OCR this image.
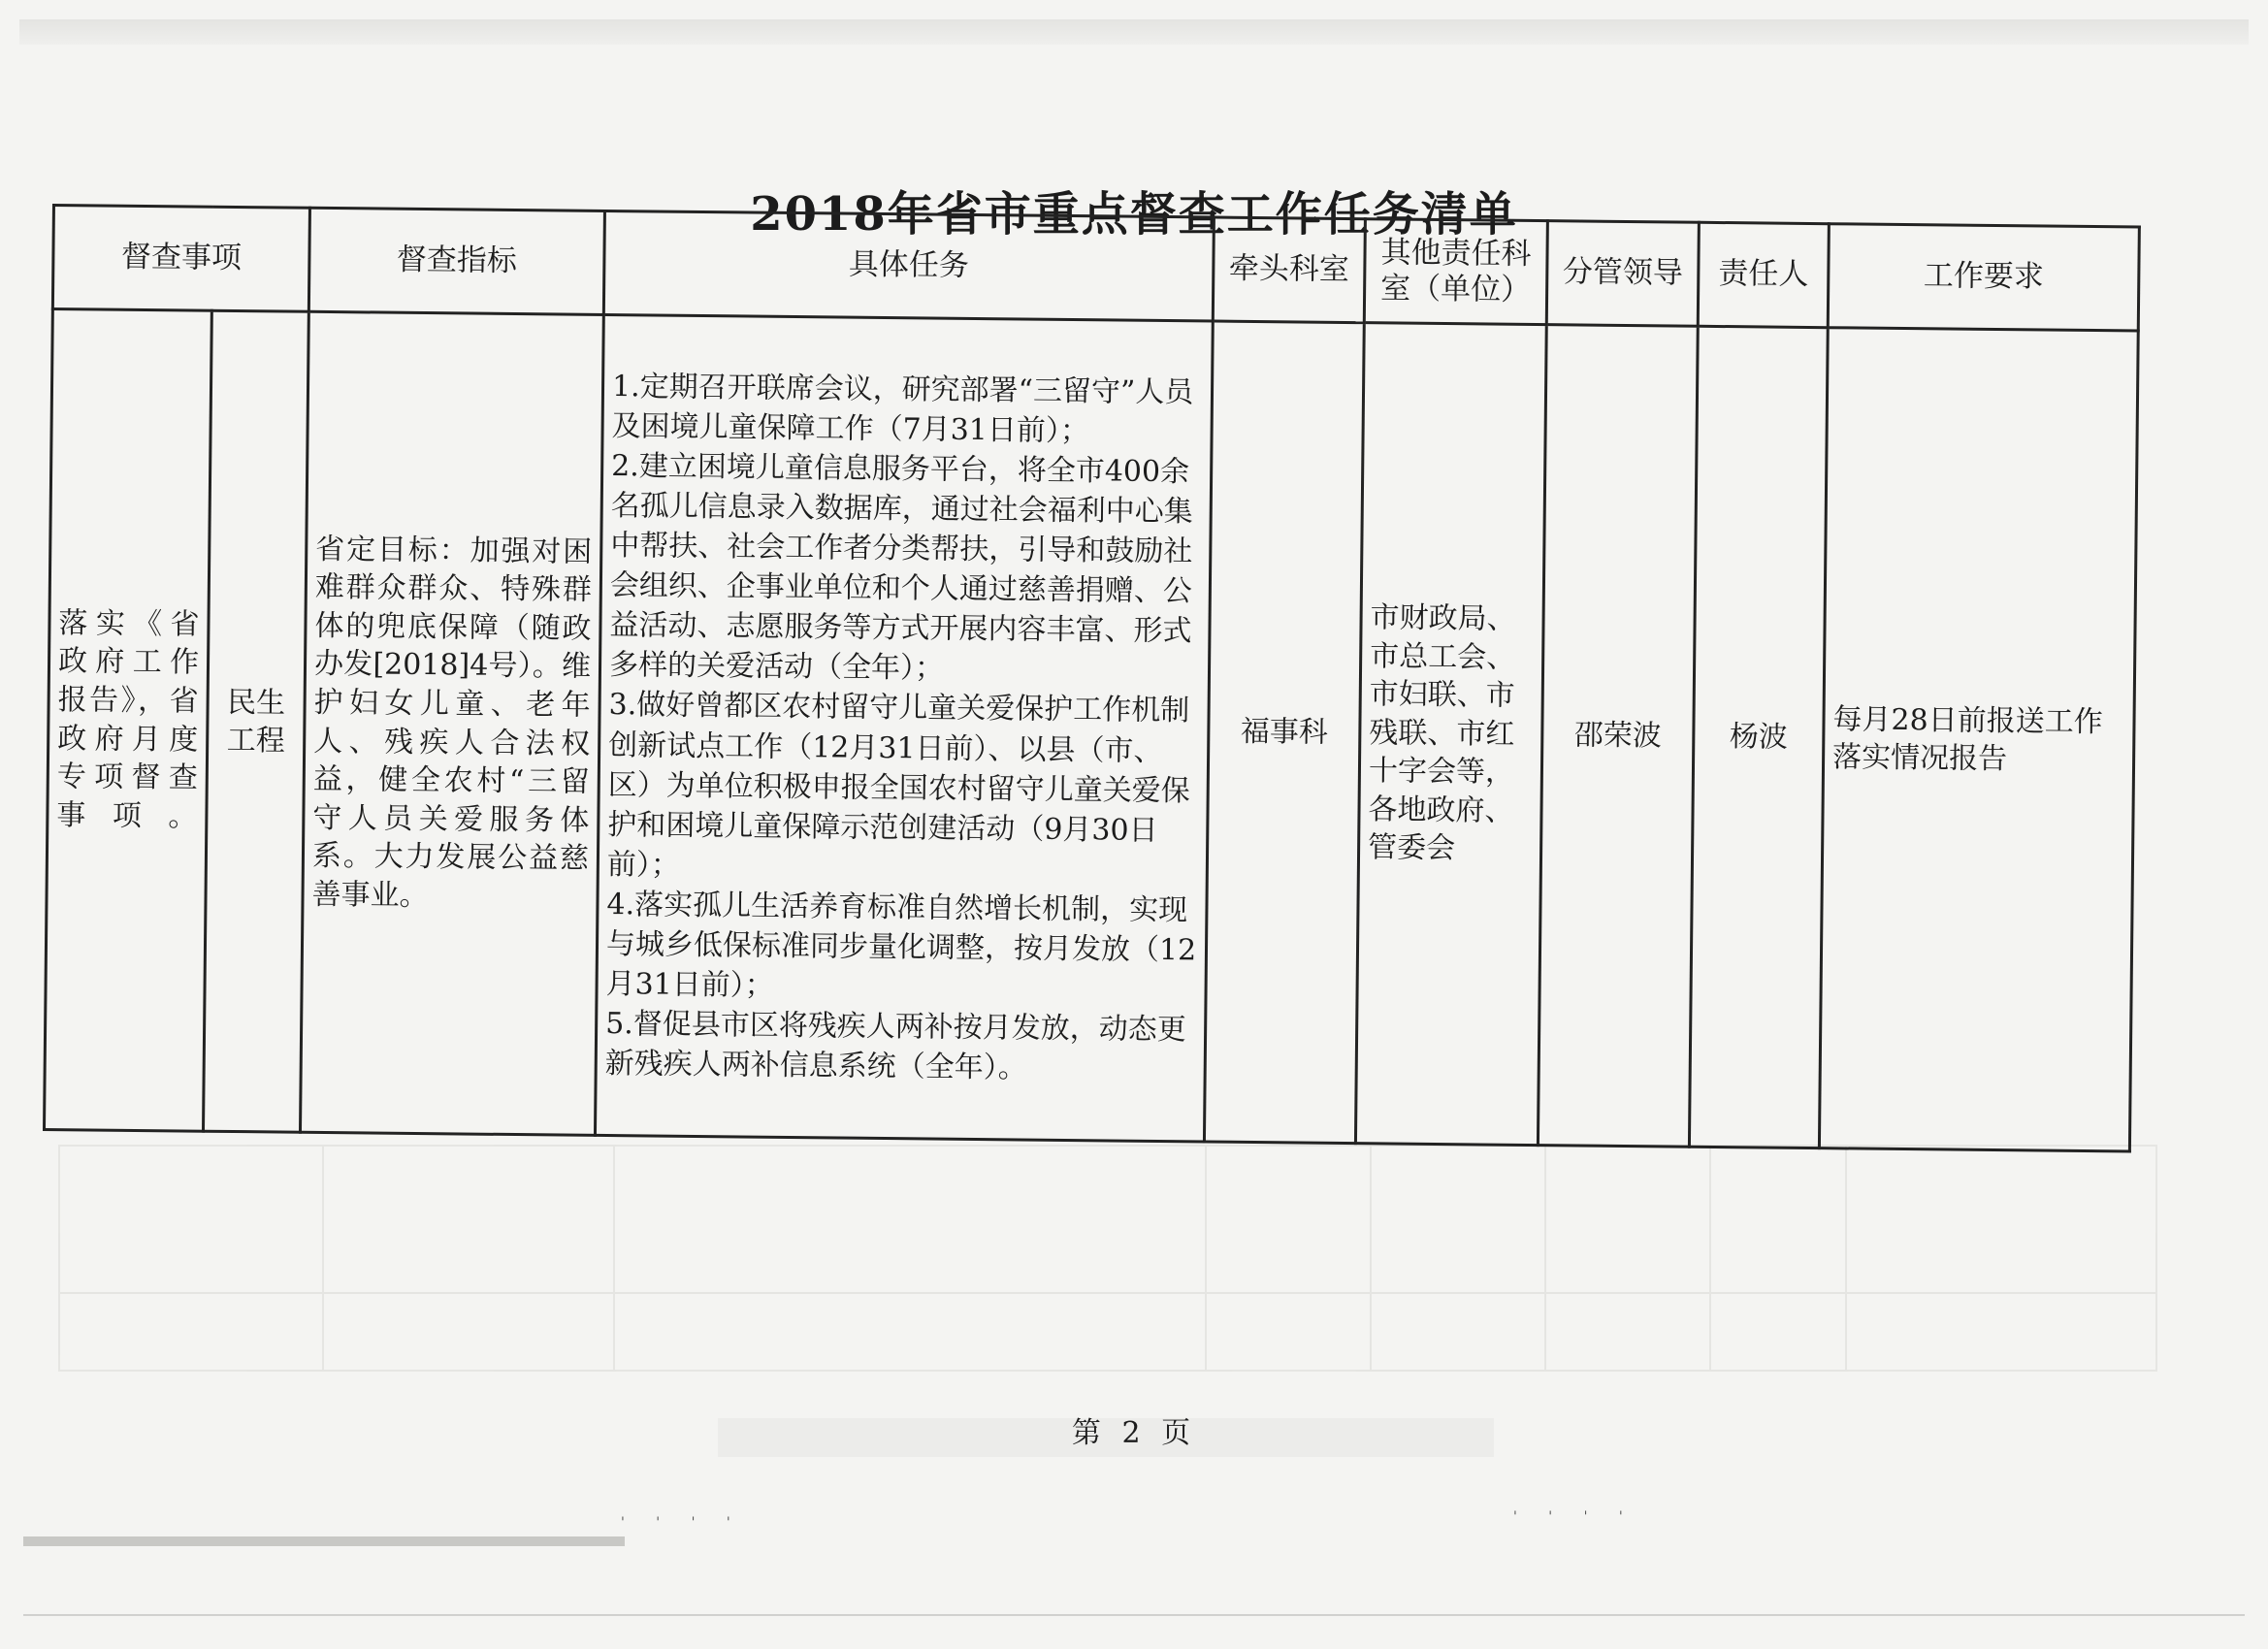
2018年省市重点督查工作任务清单
督查事项		督查指标	具体任务	牵头科室	其他责任科室（单位）	分管领导	责任人	工作要求
落实《省政府工作报告》，省政府月度专项督查事项。	民生工程	省定目标：加强对困难群众群众、特殊群体的兜底保障（随政办发[2018]4号）。维护妇女儿童、老年人、残疾人合法权益，健全农村“三留守人员关爱服务体系。大力发展公益慈善事业。	1.定期召开联席会议，研究部署“三留守”人员及困境儿童保障工作（7月31日前）；
2.建立困境儿童信息服务平台，将全市400余名孤儿信息录入数据库，通过社会福利中心集中帮扶、社会工作者分类帮扶，引导和鼓励社会组织、企事业单位和个人通过慈善捐赠、公益活动、志愿服务等方式开展内容丰富、形式多样的关爱活动（全年）；
3.做好曾都区农村留守儿童关爱保护工作机制创新试点工作（12月31日前）、以县（市、区）为单位积极申报全国农村留守儿童关爱保护和困境儿童保障示范创建活动（9月30日前）；
4.落实孤儿生活养育标准自然增长机制，实现与城乡低保标准同步量化调整，按月发放（12月31日前）；
5.督促县市区将残疾人两补按月发放，动态更新残疾人两补信息系统（全年）。	福事科	市财政局、市总工会、市妇联、市残联、市红十字会等，各地政府、管委会	邵荣波	杨波	每月28日前报送工作落实情况报告
第 2 页
' ' ' '	' ' ' '
